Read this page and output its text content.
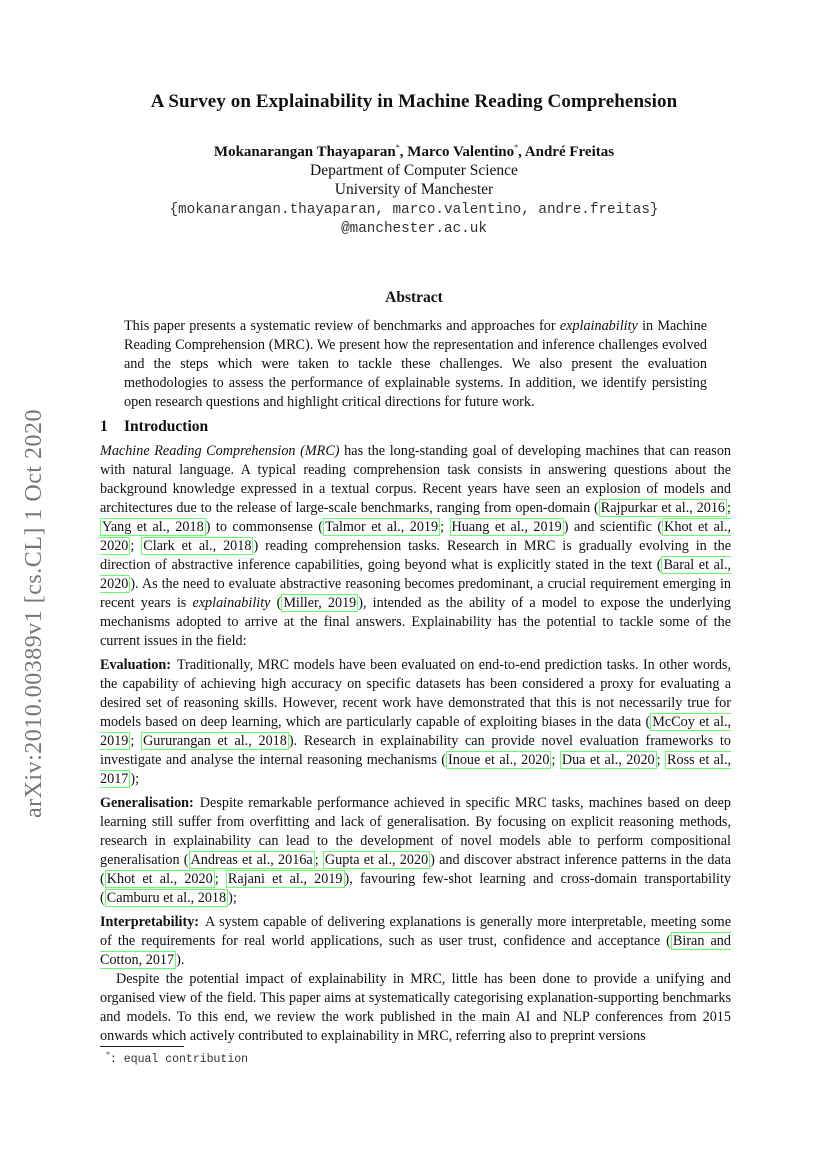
arXiv:2010.00389v1 [cs.CL] 1 Oct 2020
A Survey on Explainability in Machine Reading Comprehension
Mokanarangan Thayaparan*, Marco Valentino*, André Freitas
Department of Computer Science
University of Manchester
{mokanarangan.thayaparan, marco.valentino, andre.freitas}
@manchester.ac.uk
Abstract
This paper presents a systematic review of benchmarks and approaches for explainability in Machine Reading Comprehension (MRC). We present how the representation and inference challenges evolved and the steps which were taken to tackle these challenges. We also present the evaluation methodologies to assess the performance of explainable systems. In addition, we identify persisting open research questions and highlight critical directions for future work.
1 Introduction

Machine Reading Comprehension (MRC) has the long-standing goal of developing machines that can reason with natural language. A typical reading comprehension task consists in answering questions about the background knowledge expressed in a textual corpus. Recent years have seen an explosion of models and architectures due to the release of large-scale benchmarks, ranging from open-domain ( Rajpurkar et al., 2016 ; Yang et al., 2018 ) to commonsense ( Talmor et al., 2019 ; Huang et al., 2019 ) and scientific ( Khot et al., 2020 ; Clark et al., 2018 ) reading comprehension tasks. Research in MRC is gradually evolving in the direction of abstractive inference capabilities, going beyond what is explicitly stated in the text ( Baral et al., 2020 ). As the need to evaluate abstractive reasoning becomes predominant, a crucial requirement emerging in recent years is explainability ( Miller, 2019 ), intended as the ability of a model to expose the underlying mechanisms adopted to arrive at the final answers. Explainability has the potential to tackle some of the current issues in the field:

Evaluation: Traditionally, MRC models have been evaluated on end-to-end prediction tasks. In other words, the capability of achieving high accuracy on specific datasets has been considered a proxy for evaluating a desired set of reasoning skills. However, recent work have demonstrated that this is not necessarily true for models based on deep learning, which are particularly capable of exploiting biases in the data ( McCoy et al., 2019 ; Gururangan et al., 2018 ). Research in explainability can provide novel evaluation frameworks to investigate and analyse the internal reasoning mechanisms ( Inoue et al., 2020 ; Dua et al., 2020 ; Ross et al., 2017 );

Generalisation: Despite remarkable performance achieved in specific MRC tasks, machines based on deep learning still suffer from overfitting and lack of generalisation. By focusing on explicit reasoning methods, research in explainability can lead to the development of novel models able to perform compositional generalisation ( Andreas et al., 2016a ; Gupta et al., 2020 ) and discover abstract inference patterns in the data ( Khot et al., 2020 ; Rajani et al., 2019 ), favouring few-shot learning and cross-domain transportability ( Camburu et al., 2018 );

Interpretability: A system capable of delivering explanations is generally more interpretable, meeting some of the requirements for real world applications, such as user trust, confidence and acceptance ( Biran and Cotton, 2017 ).

Despite the potential impact of explainability in MRC, little has been done to provide a unifying and organised view of the field. This paper aims at systematically categorising explanation-supporting benchmarks and models. To this end, we review the work published in the main AI and NLP conferences from 2015 onwards which actively contributed to explainability in MRC, referring also to preprint versions

*: equal contribution
